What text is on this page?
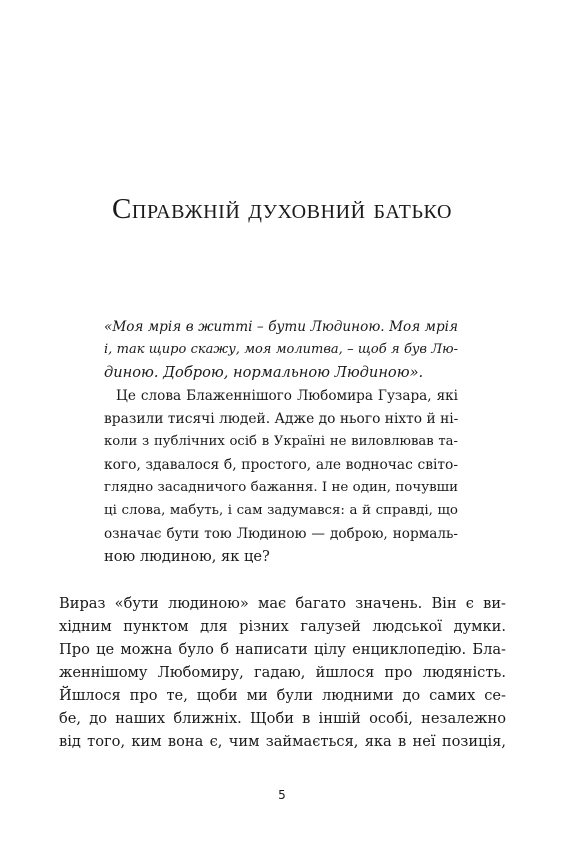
Справжній духовний батько
«Моя мрія в житті – бути Людиною. Моя мрія
і, так щиро скажу, моя молитва, – щоб я був Лю-
диною. Доброю, нормальною Людиною».
Це слова Блаженнішого Любомира Гузара, які
вразили тисячі людей. Адже до нього ніхто й ні-
коли з публічних осіб в Україні не виловлював та-
кого, здавалося б, простого, але водночас світо-
глядно засадничого бажання. І не один, почувши
ці слова, мабуть, і сам задумався: а й справді, що
означає бути тою Людиною — доброю, нормаль-
ною людиною, як це?
Вираз «бути людиною» має багато значень. Він є ви-
хідним пунктом для різних галузей людської думки.
Про це можна було б написати цілу енциклопедію. Бла-
женнішому Любомиру, гадаю, йшлося про людяність.
Йшлося про те, щоби ми були людними до самих се-
бе, до наших ближніх. Щоби в іншій особі, незалежно
від того, ким вона є, чим займається, яка в неї позиція,
5
